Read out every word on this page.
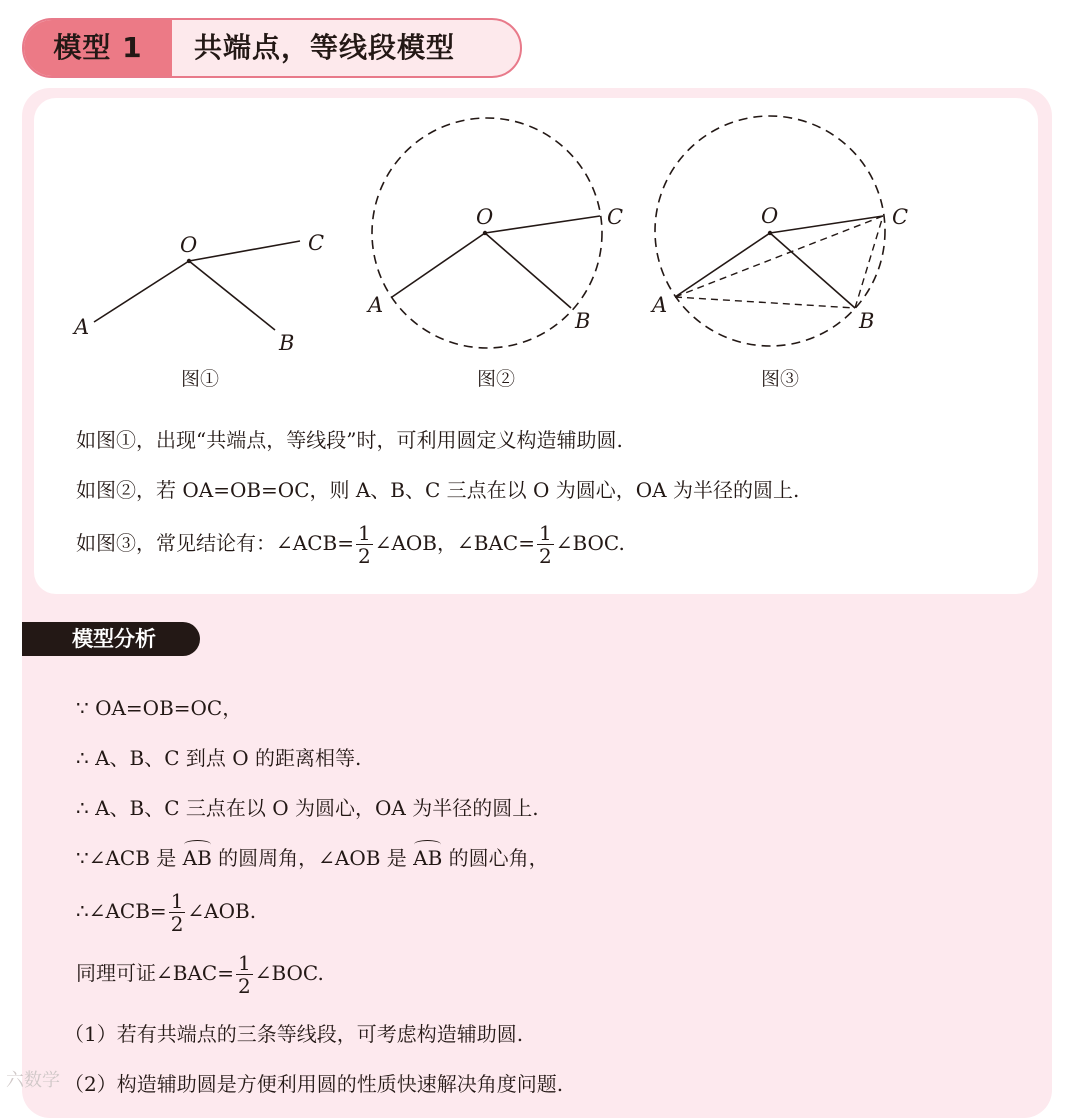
模型 1	共端点，等线段模型
O
A
B
C
图①
O
A
B
C
图②
O
A
B
C
图③
如图①，出现“共端点，等线段”时，可利用圆定义构造辅助圆.
如图②，若 OA=OB=OC，则 A、B、C 三点在以 O 为圆心，OA 为半径的圆上.
如图③，常见结论有：∠ACB= $\frac{1}{2}$ ∠AOB，∠BAC= $\frac{1}{2}$ ∠BOC.
模型分析
∵ OA=OB=OC，
∴ A、B、C 到点 O 的距离相等.
∴ A、B、C 三点在以 O 为圆心，OA 为半径的圆上.
∵∠ACB 是 AB 的圆周角，∠AOB 是 AB 的圆心角，
∴∠ACB= $\frac{1}{2}$ ∠AOB.
同理可证∠BAC= $\frac{1}{2}$ ∠BOC.
（1）若有共端点的三条等线段，可考虑构造辅助圆.
（2）构造辅助圆是方便利用圆的性质快速解决角度问题.
六数学
